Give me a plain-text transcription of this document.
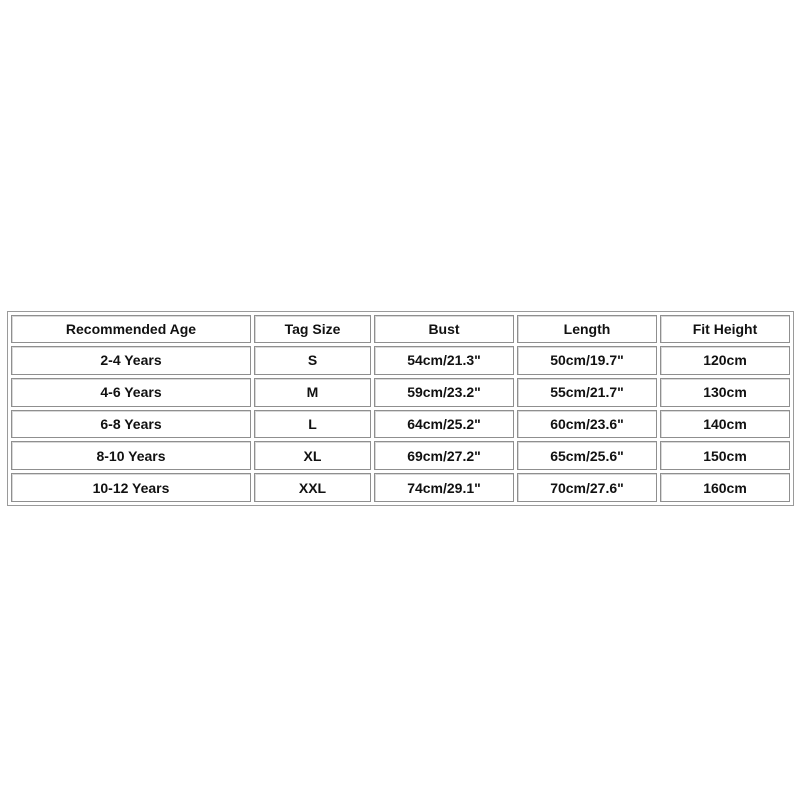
Recommended Age	Tag Size	Bust	Length	Fit Height
2-4 Years	S	54cm/21.3"	50cm/19.7"	120cm
4-6 Years	M	59cm/23.2"	55cm/21.7"	130cm
6-8 Years	L	64cm/25.2"	60cm/23.6"	140cm
8-10 Years	XL	69cm/27.2"	65cm/25.6"	150cm
10-12 Years	XXL	74cm/29.1"	70cm/27.6"	160cm
